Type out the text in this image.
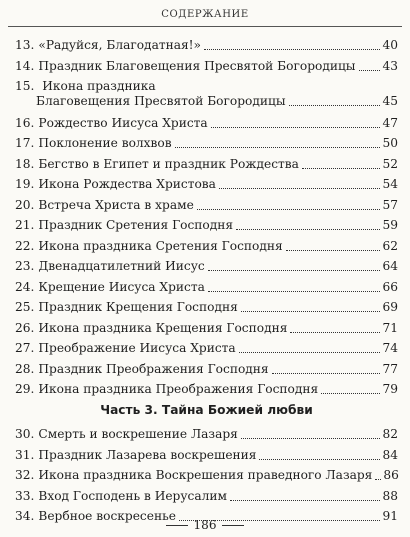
СОДЕРЖАНИЕ
13. «Радуйся, Благодатная!»	40
14. Праздник Благовещения Пресвятой Богородицы 43
15. Икона праздника
Благовещения Пресвятой Богородицы	45
16. Рождество Иисуса Христа	47
17. Поклонение волхвов	50
18. Бегство в Египет и праздник Рождества	52
19. Икона Рождества Христова	54
20. Встреча Христа в храме	57
21. Праздник Сретения Господня	59
22. Икона праздника Сретения Господня	62
23. Двенадцатилетний Иисус	64
24. Крещение Иисуса Христа	66
25. Праздник Крещения Господня	69
26. Икона праздника Крещения Господня	71
27. Преображение Иисуса Христа	74
28. Праздник Преображения Господня	77
29. Икона праздника Преображения Господня	79
Часть 3. Тайна Божией любви
30. Смерть и воскрешение Лазаря	82
31. Праздник Лазарева воскрешения	84
32. Икона праздника Воскрешения праведного Лазаря 86
33. Вход Господень в Иерусалим	88
34. Вербное воскресенье	91
186
